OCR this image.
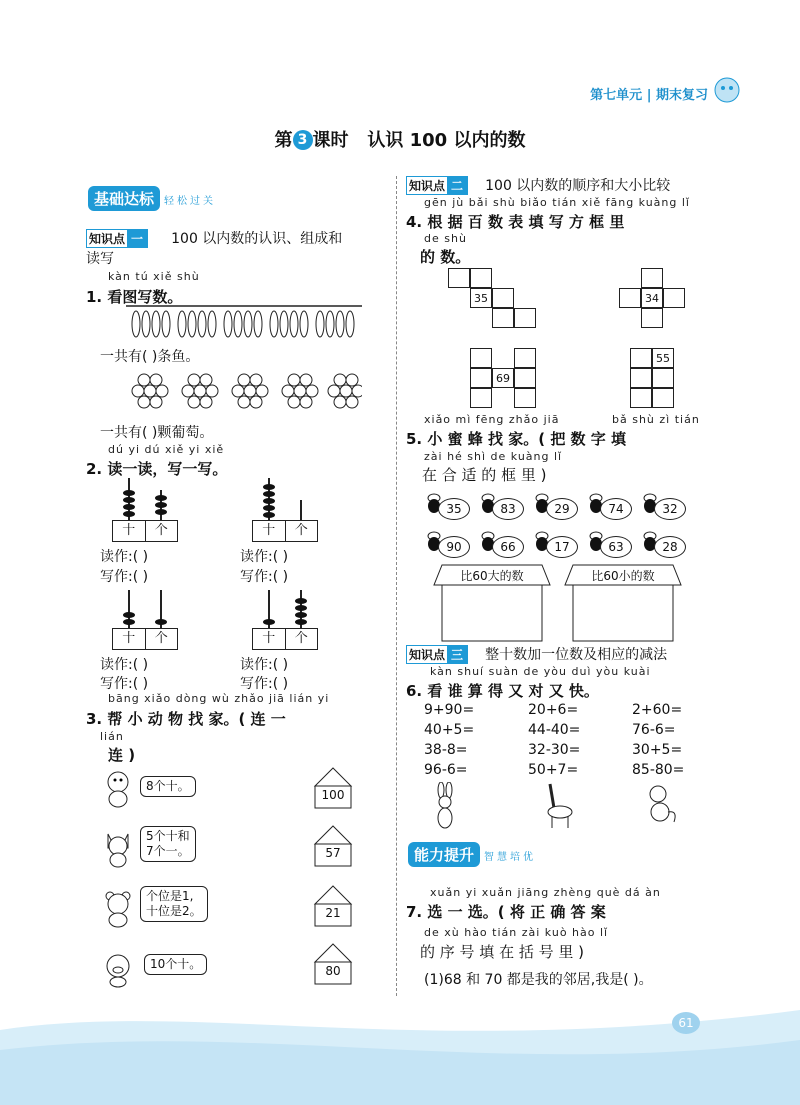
第七单元 | 期末复习
第 3 课时 认识 100 以内的数
基础达标 轻松过关
知识点 一 100 以内数的认识、组成和
读写
kàn tú xiě shù
1. 看图写数。
一共有( )条鱼。
一共有( )颗葡萄。
dú yi dú xiě yi xiě
2. 读一读，写一写。
十	个
读作:( )
写作:( )
十	个
读作:( )
写作:( )
十	个
读作:( )
写作:( )
十	个
读作:( )
写作:( )
bāng xiǎo dòng wù zhǎo jiā lián yi
3. 帮 小 动 物 找 家。( 连 一
lián
连 )
8个十。
5个十和
7个一。
个位是1,
十位是2。
10个十。
100
57
21
80
知识点 二 100 以内数的顺序和大小比较
gēn jù bǎi shù biǎo tián xiě fāng kuàng lǐ
4. 根 据 百 数 表 填 写 方 框 里
de shù
的 数。
35	34
69
55
xiǎo mì fēng zhǎo jiā	bǎ shù zì tián
5. 小 蜜 蜂 找 家。( 把 数 字 填
zài hé shì de kuàng lǐ
在 合 适 的 框 里 )
35	83	29	74	32
90	66	17	63	28
比60大的数	比60小的数
知识点 三 整十数加一位数及相应的减法
kàn shuí suàn de yòu duì yòu kuài
6. 看 谁 算 得 又 对 又 快。
9+90=	20+6=	2+60=
40+5=	44-40=	76-6=
38-8=	32-30=	30+5=
96-6=	50+7=	85-80=
能力提升 智慧培优
xuǎn yi xuǎn jiāng zhèng què dá àn
7. 选 一 选。( 将 正 确 答 案
de xù hào tián zài kuò hào lǐ
的 序 号 填 在 括 号 里 )
(1)68 和 70 都是我的邻居,我是( )。
61
